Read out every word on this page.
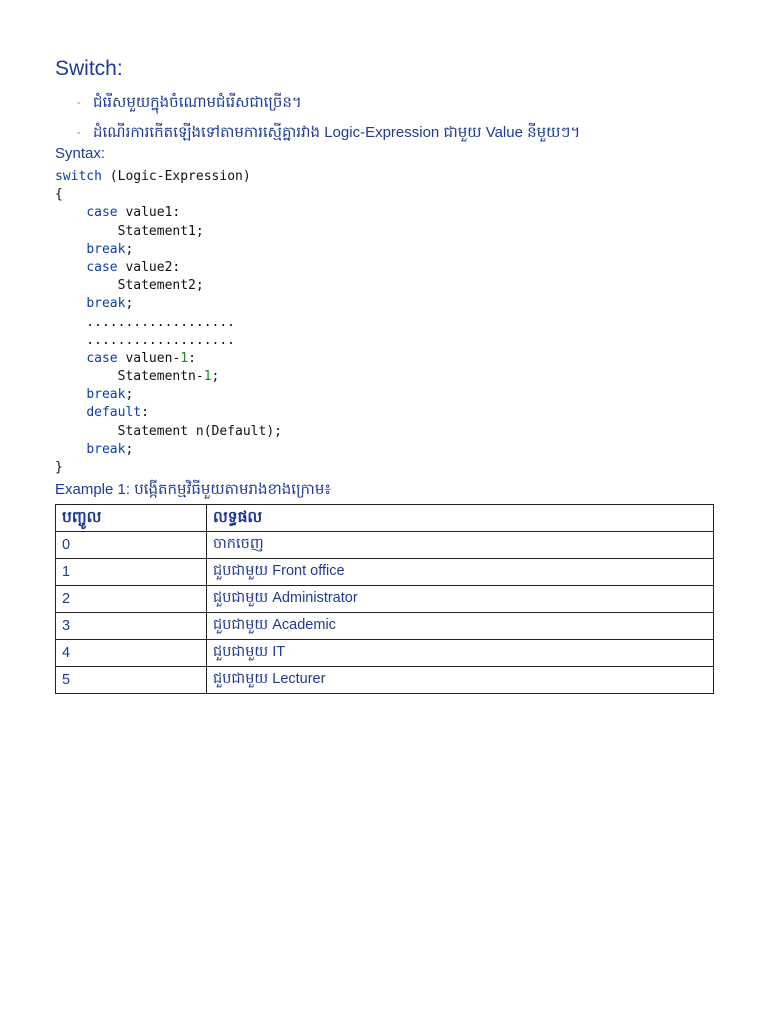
Switch:
- ជំរើសមួយក្នុងចំណោមជំរើសជាច្រើន។
- ដំណើរការកើតឡើងទៅតាមការស្មើគ្នារវាង Logic-Expression ជាមួយ Value នីមួយៗ។
Syntax:
switch (Logic-Expression)
{
case value1:
Statement1;
break;
case value2:
Statement2;
break;
...................
...................
case valuen-1:
Statementn-1;
break;
default:
Statement n(Default);
break;
}
Example 1: បង្កើតកម្មវិធីមួយតាមរាងខាងក្រោម៖
បញ្ចូល	លទ្ធផល
0	ចាកចេញ
1	ជួបជាមួយ Front office
2	ជួបជាមួយ Administrator
3	ជួបជាមួយ Academic
4	ជួបជាមួយ IT
5	ជួបជាមួយ Lecturer
